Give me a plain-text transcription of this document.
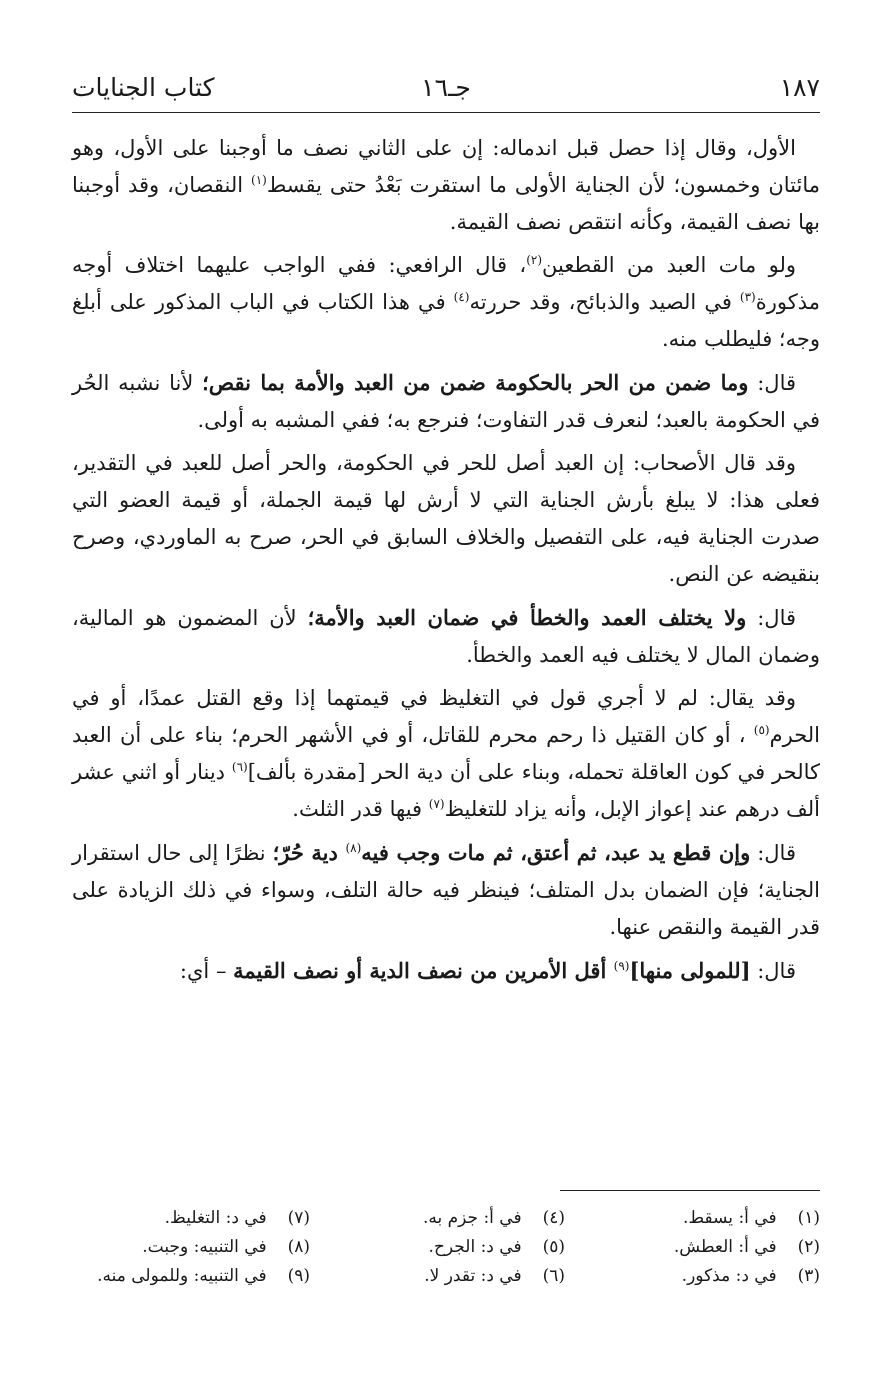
١٨٧
جـ١٦
كتاب الجنايات

الأول، وقال إذا حصل قبل اندماله: إن على الثاني نصف ما أوجبنا على الأول، وهو مائتان وخمسون؛ لأن الجناية الأولى ما استقرت بَعْدُ حتى يقسط$^{(١)}$ النقصان، وقد أوجبنا بها نصف القيمة، وكأنه انتقص نصف القيمة.

ولو مات العبد من القطعين$^{(٢)}$، قال الرافعي: ففي الواجب عليهما اختلاف أوجه مذكورة$^{(٣)}$ في الصيد والذبائح، وقد حررته$^{(٤)}$ في هذا الكتاب في الباب المذكور على أبلغ وجه؛ فليطلب منه.

قال: وما ضمن من الحر بالحكومة ضمن من العبد والأمة بما نقص؛ لأنا نشبه الحُر في الحكومة بالعبد؛ لنعرف قدر التفاوت؛ فنرجع به؛ ففي المشبه به أولى.

وقد قال الأصحاب: إن العبد أصل للحر في الحكومة، والحر أصل للعبد في التقدير، فعلى هذا: لا يبلغ بأرش الجناية التي لا أرش لها قيمة الجملة، أو قيمة العضو التي صدرت الجناية فيه، على التفصيل والخلاف السابق في الحر، صرح به الماوردي، وصرح بنقيضه عن النص.

قال: ولا يختلف العمد والخطأ في ضمان العبد والأمة؛ لأن المضمون هو المالية، وضمان المال لا يختلف فيه العمد والخطأ.

وقد يقال: لم لا أجري قول في التغليظ في قيمتهما إذا وقع القتل عمدًا، أو في الحرم$^{(٥)}$ ، أو كان القتيل ذا رحم محرم للقاتل، أو في الأشهر الحرم؛ بناء على أن العبد كالحر في كون العاقلة تحمله، وبناء على أن دية الحر [مقدرة بألف]$^{(٦)}$ دينار أو اثني عشر ألف درهم عند إعواز الإبل، وأنه يزاد للتغليظ$^{(٧)}$ فيها قدر الثلث.

قال: وإن قطع يد عبد، ثم أعتق، ثم مات وجب فيه$^{(٨)}$ دية حُرّ؛ نظرًا إلى حال استقرار الجناية؛ فإن الضمان بدل المتلف؛ فينظر فيه حالة التلف، وسواء في ذلك الزيادة على قدر القيمة والنقص عنها.

قال: [للمولى منها]$^{(٩)}$ أقل الأمرين من نصف الدية أو نصف القيمة – أي:

(١) في أ: يسقط.
(٢) في أ: العطش.
(٣) في د: مذكور.
(٤) في أ: جزم به.
(٥) في د: الجرح.
(٦) في د: تقدر لا.
(٧) في د: التغليظ.
(٨) في التنبيه: وجبت.
(٩) في التنبيه: وللمولى منه.
